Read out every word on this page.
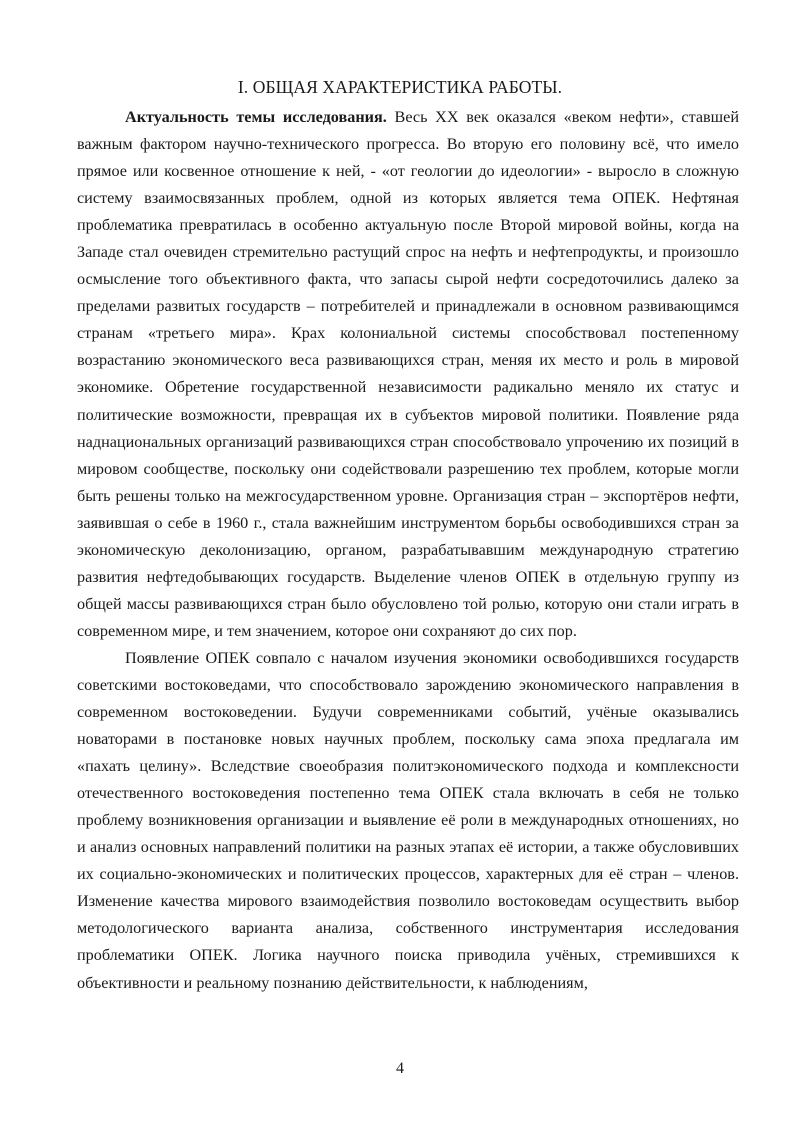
I. ОБЩАЯ ХАРАКТЕРИСТИКА РАБОТЫ.

Актуальность темы исследования. Весь XX век оказался «веком нефти», ставшей важным фактором научно-технического прогресса. Во вторую его половину всё, что имело прямое или косвенное отношение к ней, - «от геологии до идеологии» - выросло в сложную систему взаимосвязанных проблем, одной из которых является тема ОПЕК. Нефтяная проблематика превратилась в особенно актуальную после Второй мировой войны, когда на Западе стал очевиден стремительно растущий спрос на нефть и нефтепродукты, и произошло осмысление того объективного факта, что запасы сырой нефти сосредоточились далеко за пределами развитых государств – потребителей и принадлежали в основном развивающимся странам «третьего мира». Крах колониальной системы способствовал постепенному возрастанию экономического веса развивающихся стран, меняя их место и роль в мировой экономике. Обретение государственной независимости радикально меняло их статус и политические возможности, превращая их в субъектов мировой политики. Появление ряда наднациональных организаций развивающихся стран способствовало упрочению их позиций в мировом сообществе, поскольку они содействовали разрешению тех проблем, которые могли быть решены только на межгосударственном уровне. Организация стран – экспортёров нефти, заявившая о себе в 1960 г., стала важнейшим инструментом борьбы освободившихся стран за экономическую деколонизацию, органом, разрабатывавшим международную стратегию развития нефтедобывающих государств. Выделение членов ОПЕК в отдельную группу из общей массы развивающихся стран было обусловлено той ролью, которую они стали играть в современном мире, и тем значением, которое они сохраняют до сих пор.

Появление ОПЕК совпало с началом изучения экономики освободившихся государств советскими востоковедами, что способствовало зарождению экономического направления в современном востоковедении. Будучи современниками событий, учёные оказывались новаторами в постановке новых научных проблем, поскольку сама эпоха предлагала им «пахать целину». Вследствие своеобразия политэкономического подхода и комплексности отечественного востоковедения постепенно тема ОПЕК стала включать в себя не только проблему возникновения организации и выявление её роли в международных отношениях, но и анализ основных направлений политики на разных этапах её истории, а также обусловивших их социально-экономических и политических процессов, характерных для её стран – членов. Изменение качества мирового взаимодействия позволило востоковедам осуществить выбор методологического варианта анализа, собственного инструментария исследования проблематики ОПЕК. Логика научного поиска приводила учёных, стремившихся к объективности и реальному познанию действительности, к наблюдениям,

4
